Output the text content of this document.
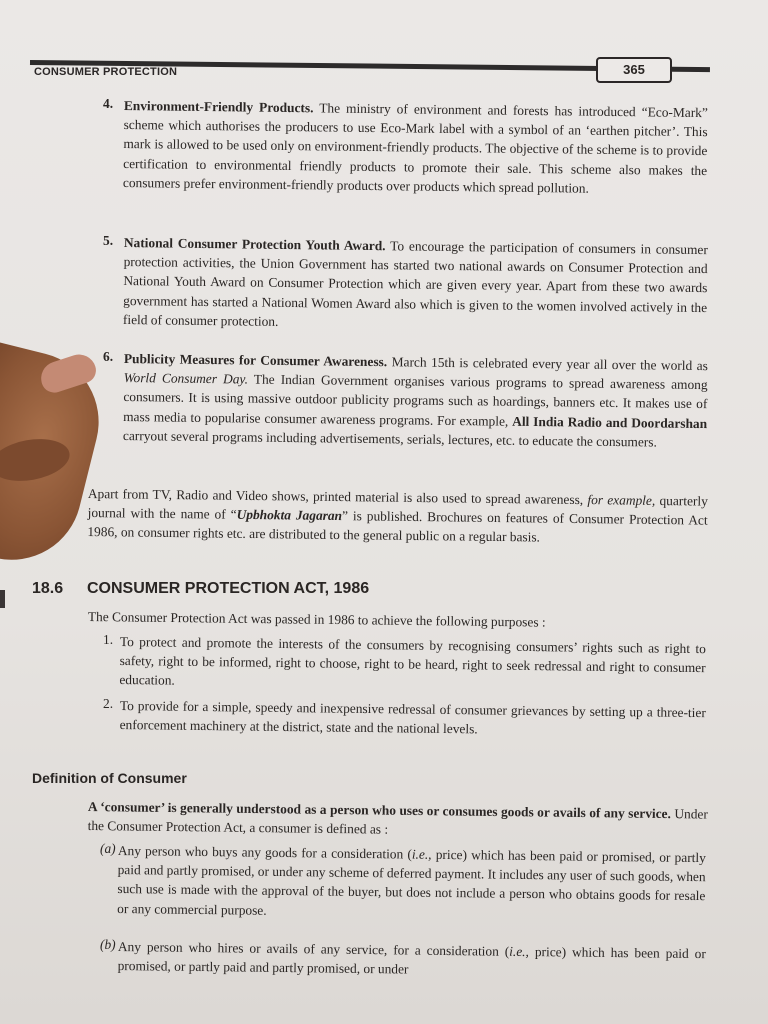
CONSUMER PROTECTION	365
4. Environment-Friendly Products. The ministry of environment and forests has introduced “Eco-Mark” scheme which authorises the producers to use Eco-Mark label with a symbol of an ‘earthen pitcher’. This mark is allowed to be used only on environment-friendly products. The objective of the scheme is to provide certification to environmental friendly products to promote their sale. This scheme also makes the consumers prefer environment-friendly products over products which spread pollution.
5. National Consumer Protection Youth Award. To encourage the participation of consumers in consumer protection activities, the Union Government has started two national awards on Consumer Protection and National Youth Award on Consumer Protection which are given every year. Apart from these two awards government has started a National Women Award also which is given to the women involved actively in the field of consumer protection.
6. Publicity Measures for Consumer Awareness. March 15th is celebrated every year all over the world as World Consumer Day. The Indian Government organises various programs to spread awareness among consumers. It is using massive outdoor publicity programs such as hoardings, banners etc. It makes use of mass media to popularise consumer awareness programs. For example, All India Radio and Doordarshan carryout several programs including advertisements, serials, lectures, etc. to educate the consumers.
Apart from TV, Radio and Video shows, printed material is also used to spread awareness, for example, quarterly journal with the name of “Upbhokta Jagaran” is published. Brochures on features of Consumer Protection Act 1986, on consumer rights etc. are distributed to the general public on a regular basis.
18.6 CONSUMER PROTECTION ACT, 1986
The Consumer Protection Act was passed in 1986 to achieve the following purposes :
1. To protect and promote the interests of the consumers by recognising consumers’ rights such as right to safety, right to be informed, right to choose, right to be heard, right to seek redressal and right to consumer education.
2. To provide for a simple, speedy and inexpensive redressal of consumer grievances by setting up a three-tier enforcement machinery at the district, state and the national levels.
Definition of Consumer
A ‘consumer’ is generally understood as a person who uses or consumes goods or avails of any service. Under the Consumer Protection Act, a consumer is defined as :
(a) Any person who buys any goods for a consideration (i.e., price) which has been paid or promised, or partly paid and partly promised, or under any scheme of deferred payment. It includes any user of such goods, when such use is made with the approval of the buyer, but does not include a person who obtains goods for resale or any commercial purpose.
(b) Any person who hires or avails of any service, for a consideration (i.e., price) which has been paid or promised, or partly paid and partly promised, or under
